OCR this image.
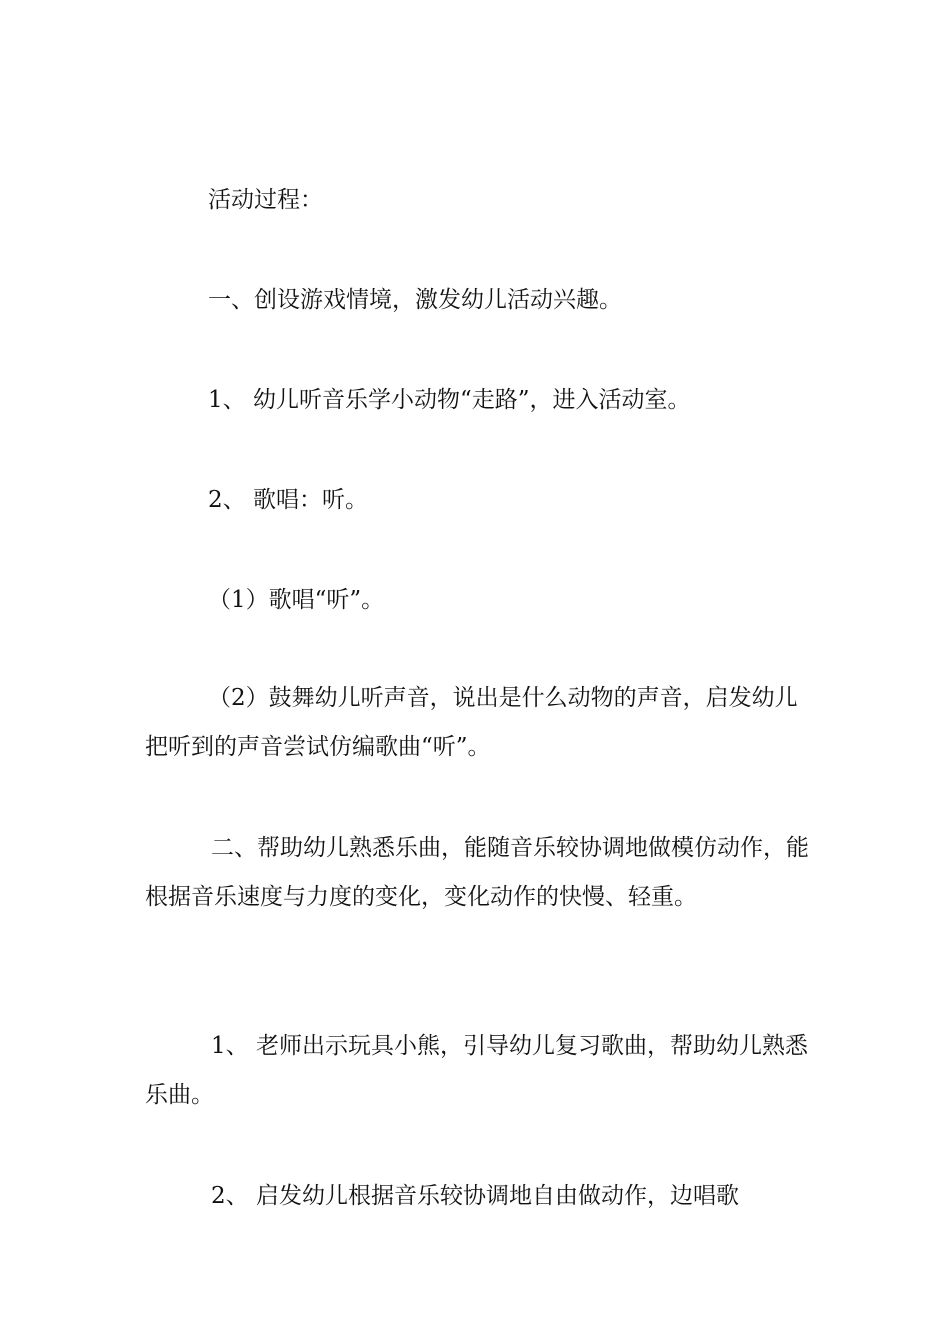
活动过程：

一、创设游戏情境，激发幼儿活动兴趣。

1、 幼儿听音乐学小动物“走路”，进入活动室。

2、 歌唱：听。

（1）歌唱“听”。

（2）鼓舞幼儿听声音，说出是什么动物的声音，启发幼儿把听到的声音尝试仿编歌曲“听”。

二、帮助幼儿熟悉乐曲，能随音乐较协调地做模仿动作，能根据音乐速度与力度的变化，变化动作的快慢、轻重。

1、 老师出示玩具小熊，引导幼儿复习歌曲，帮助幼儿熟悉乐曲。

2、 启发幼儿根据音乐较协调地自由做动作，边唱歌
